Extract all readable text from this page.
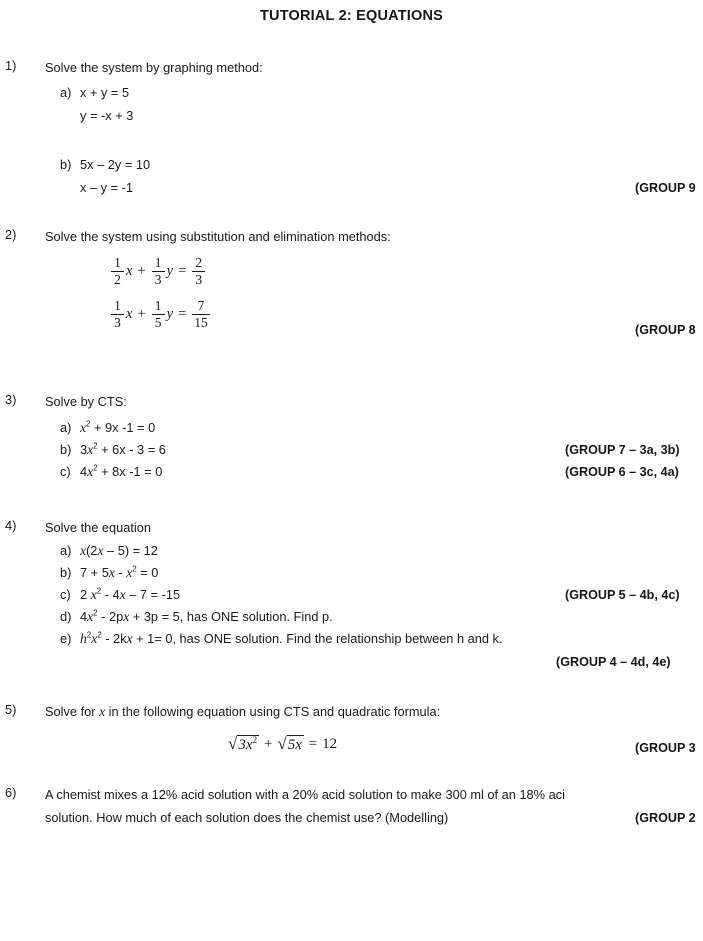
TUTORIAL 2: EQUATIONS
1) Solve the system by graphing method:
a) x + y = 5
y = -x + 3
b) 5x – 2y = 10
x – y = -1	(GROUP 9
2) Solve the system using substitution and elimination methods:
$\frac{1}{2}$ $x + \frac{1}{3}$ $y = \frac{2}{3}$
$\frac{1}{3}$ $x + \frac{1}{5}$ $y = \frac{7}{15}$
(GROUP 8
3) Solve by CTS:
a) $x^2 + 9x$ -1 = 0
b) $3x^2 + 6x - 3 = 6$	(GROUP 7 – 3a, 3b)
c) $4x^2 + 8x$ -1 = 0	(GROUP 6 – 3c, 4a)
4) Solve the equation
a) x(2x – 5) = 12
b) $7 + 5x - x^2 = 0$
c) 2 $x^2 - 4x - 7 = -15$	(GROUP 5 – 4b, 4c)
d) $4x^2 - 2px + 3p = 5$, has ONE solution. Find p.
e) $h^2x^2 - 2kx + 1= 0$, has ONE solution. Find the relationship between h and k.
(GROUP 4 – 4d, 4e)
5) Solve for x in the following equation using CTS and quadratic formula:
√ $3x^2$ + √ 5x = 12	(GROUP 3
6) A chemist mixes a 12% acid solution with a 20% acid solution to make 300 ml of an 18% aci
solution. How much of each solution does the chemist use? (Modelling)	(GROUP 2
